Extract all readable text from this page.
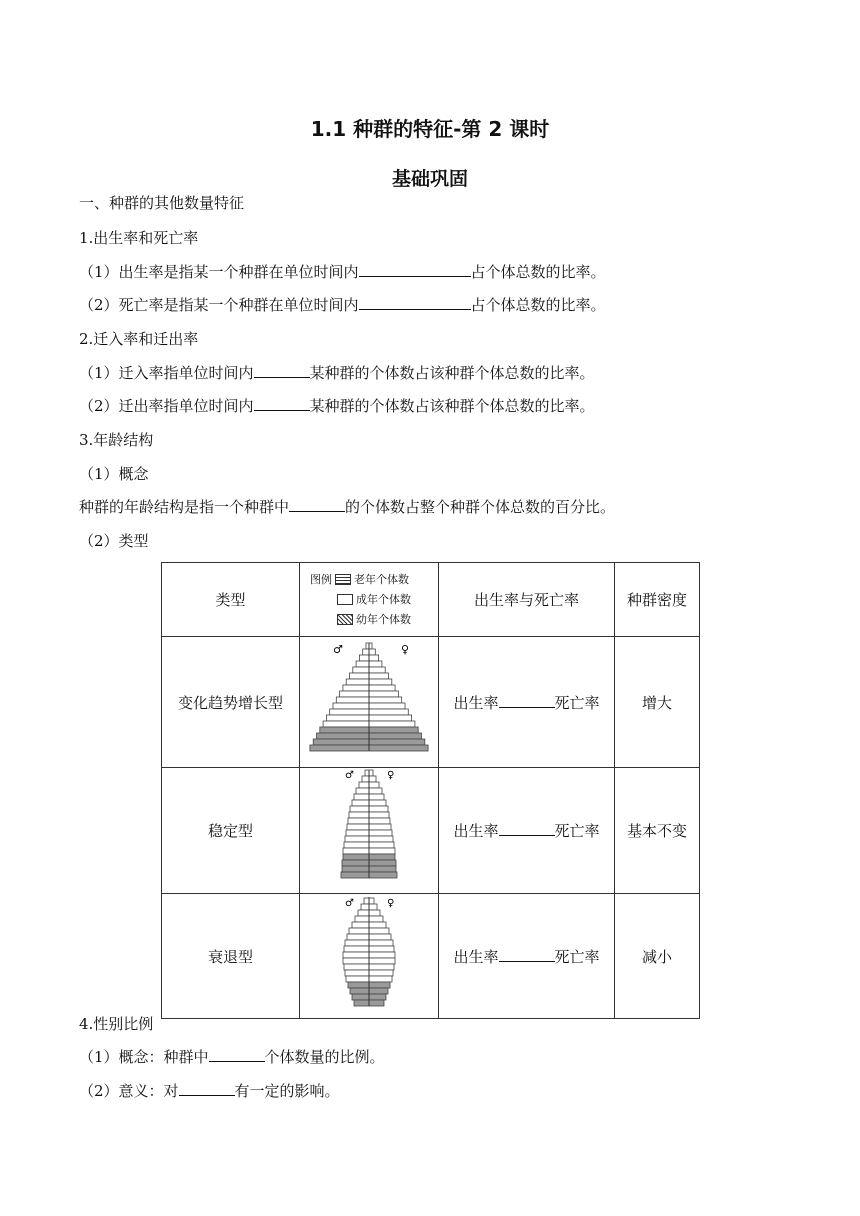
1.1 种群的特征-第 2 课时
基础巩固
一、种群的其他数量特征
1.出生率和死亡率
（1）出生率是指某一个种群在单位时间内	占个体总数的比率。
（2）死亡率是指某一个种群在单位时间内	占个体总数的比率。
2.迁入率和迁出率
（1）迁入率指单位时间内	某种群的个体数占该种群个体总数的比率。
（2）迁出率指单位时间内	某种群的个体数占该种群个体总数的比率。
3.年龄结构
（1）概念
种群的年龄结构是指一个种群中	的个体数占整个种群个体总数的百分比。
（2）类型
类型	图例 老年个体数
成年个体数
幼年个体数	出生率与死亡率	种群密度
变化趋势增长型	♂ ♀	出生率 死亡率	增大
稳定型	♂ ♀	出生率 死亡率	基本不变
衰退型	♂ ♀	出生率 死亡率	减小
4.性别比例
（1）概念：种群中	个体数量的比例。
（2）意义：对	有一定的影响。
